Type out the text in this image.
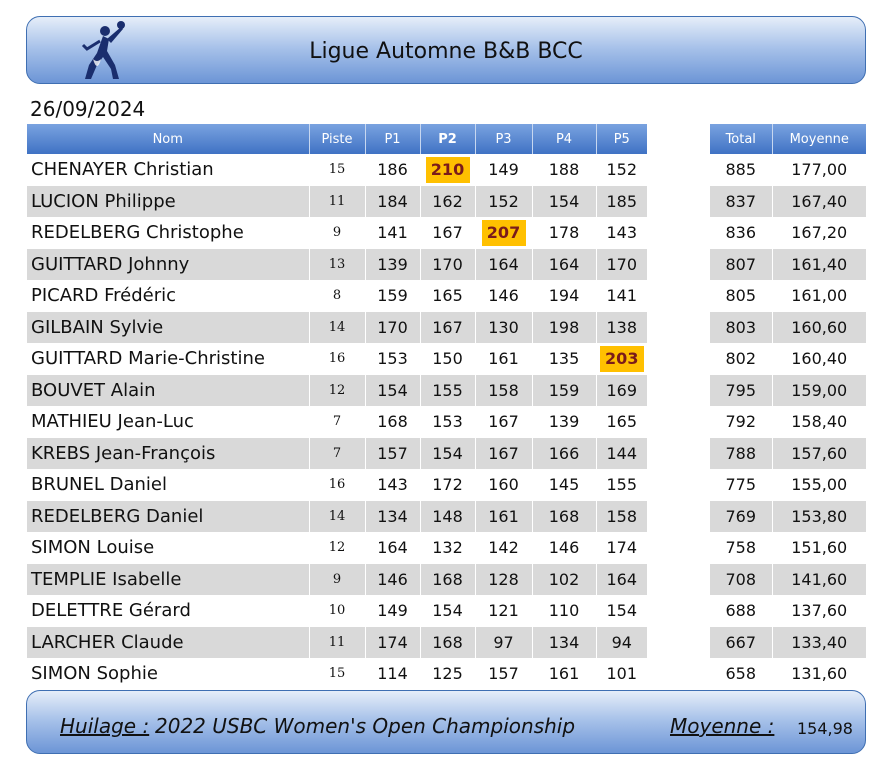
Ligue Automne B&B BCC
26/09/2024
Nom	Piste	P1	P2	P3	P4	P5
CHENAYER Christian	15	186	210	149	188	152
LUCION Philippe	11	184	162	152	154	185
REDELBERG Christophe	9	141	167	207	178	143
GUITTARD Johnny	13	139	170	164	164	170
PICARD Frédéric	8	159	165	146	194	141
GILBAIN Sylvie	14	170	167	130	198	138
GUITTARD Marie-Christine	16	153	150	161	135	203
BOUVET Alain	12	154	155	158	159	169
MATHIEU Jean-Luc	7	168	153	167	139	165
KREBS Jean-François	7	157	154	167	166	144
BRUNEL Daniel	16	143	172	160	145	155
REDELBERG Daniel	14	134	148	161	168	158
SIMON Louise	12	164	132	142	146	174
TEMPLIE Isabelle	9	146	168	128	102	164
DELETTRE Gérard	10	149	154	121	110	154
LARCHER Claude	11	174	168	97	134	94
SIMON Sophie	15	114	125	157	161	101
Total	Moyenne
885	177,00
837	167,40
836	167,20
807	161,40
805	161,00
803	160,60
802	160,40
795	159,00
792	158,40
788	157,60
775	155,00
769	153,80
758	151,60
708	141,60
688	137,60
667	133,40
658	131,60
Huilage : 2022 USBC Women's Open Championship	Moyenne : 154,98
